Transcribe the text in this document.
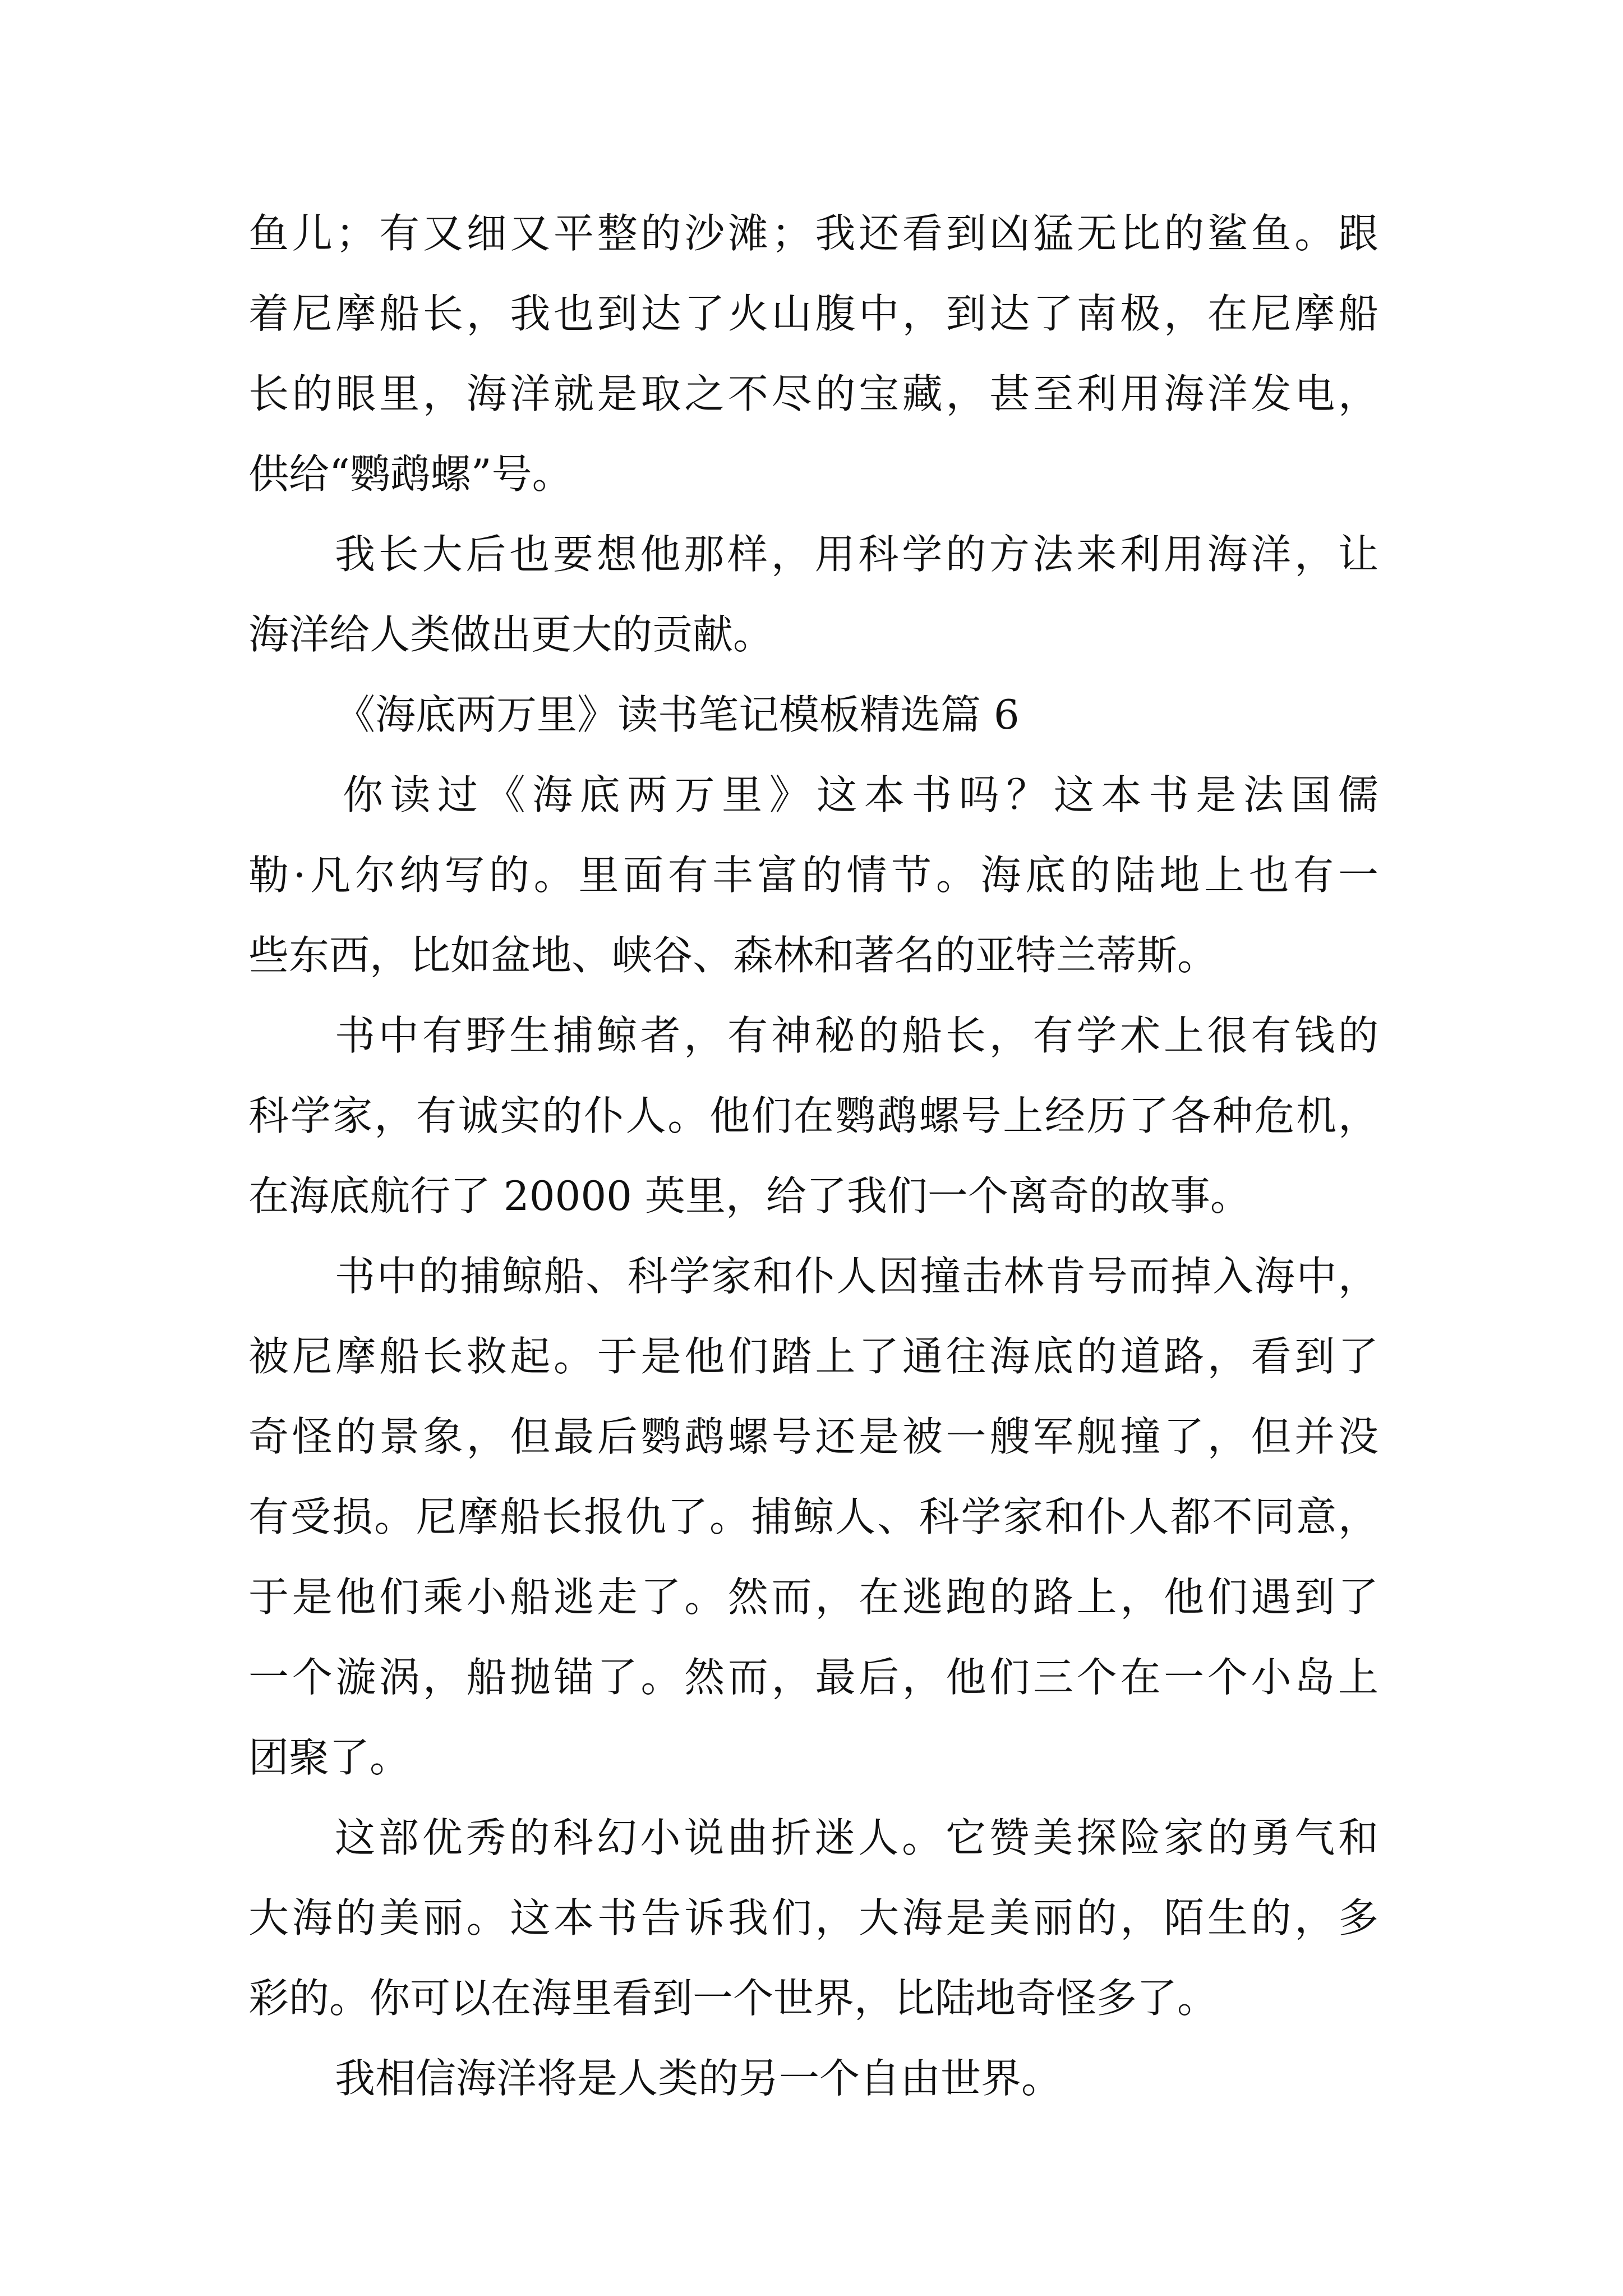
鱼儿；有又细又平整的沙滩；我还看到凶猛无比的鲨鱼。跟
着尼摩船长，我也到达了火山腹中，到达了南极，在尼摩船
长的眼里，海洋就是取之不尽的宝藏，甚至利用海洋发电，
供给“鹦鹉螺”号。
我长大后也要想他那样，用科学的方法来利用海洋，让
海洋给人类做出更大的贡献。
《海底两万里》读书笔记模板精选篇 6
你读过《海底两万里》这本书吗？这本书是法国儒
勒·凡尔纳写的。里面有丰富的情节。海底的陆地上也有一
些东西，比如盆地、峡谷、森林和著名的亚特兰蒂斯。
书中有野生捕鲸者，有神秘的船长，有学术上很有钱的
科学家，有诚实的仆人。他们在鹦鹉螺号上经历了各种危机，
在海底航行了 20000 英里，给了我们一个离奇的故事。
书中的捕鲸船、科学家和仆人因撞击林肯号而掉入海中，
被尼摩船长救起。于是他们踏上了通往海底的道路，看到了
奇怪的景象，但最后鹦鹉螺号还是被一艘军舰撞了，但并没
有受损。尼摩船长报仇了。捕鲸人、科学家和仆人都不同意，
于是他们乘小船逃走了。然而，在逃跑的路上，他们遇到了
一个漩涡，船抛锚了。然而，最后，他们三个在一个小岛上
团聚了。
这部优秀的科幻小说曲折迷人。它赞美探险家的勇气和
大海的美丽。这本书告诉我们，大海是美丽的，陌生的，多
彩的。你可以在海里看到一个世界，比陆地奇怪多了。
我相信海洋将是人类的另一个自由世界。
